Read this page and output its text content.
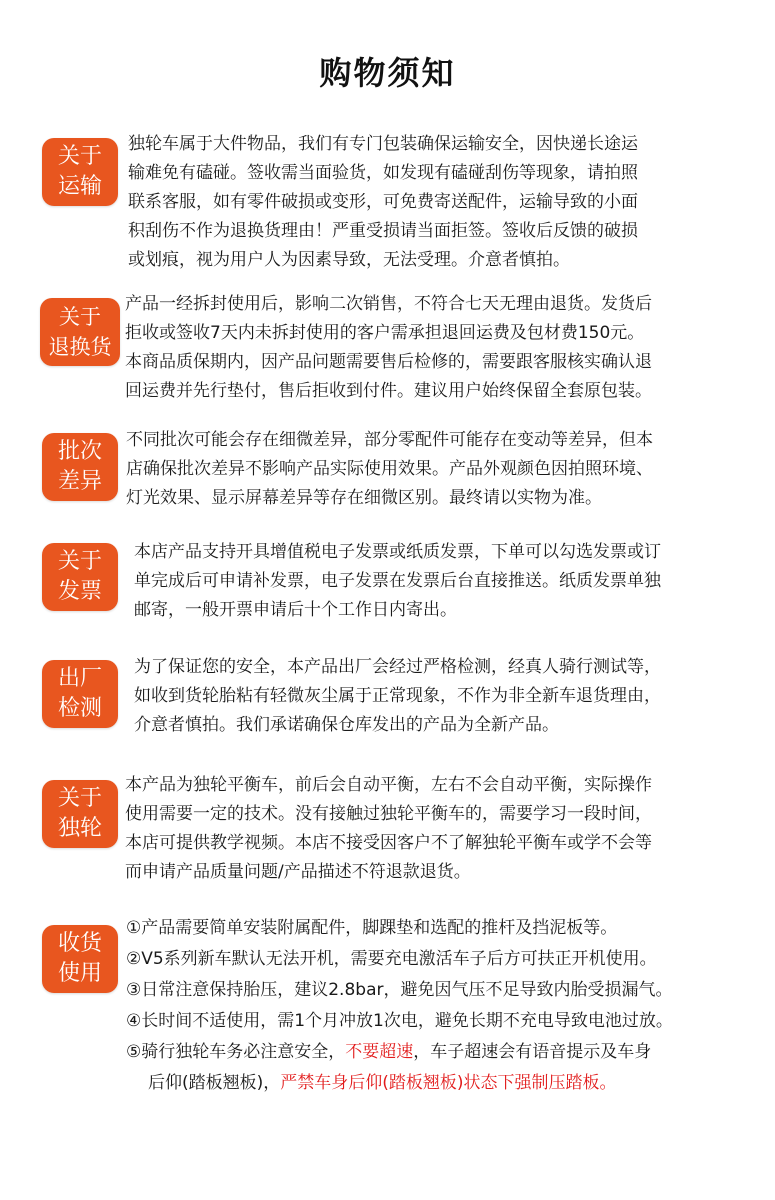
购物须知
关于
运输

独轮车属于大件物品，我们有专门包装确保运输安全，因快递长途运

输难免有磕碰。签收需当面验货，如发现有磕碰刮伤等现象，请拍照

联系客服，如有零件破损或变形，可免费寄送配件，运输导致的小面

积刮伤不作为退换货理由！严重受损请当面拒签。签收后反馈的破损

或划痕，视为用户人为因素导致，无法受理。介意者慎拍。

关于
退换货

产品一经拆封使用后，影响二次销售，不符合七天无理由退货。发货后

拒收或签收7天内未拆封使用的客户需承担退回运费及包材费150元。

本商品质保期内，因产品问题需要售后检修的，需要跟客服核实确认退

回运费并先行垫付，售后拒收到付件。建议用户始终保留全套原包装。

批次
差异

不同批次可能会存在细微差异，部分零配件可能存在变动等差异，但本

店确保批次差异不影响产品实际使用效果。产品外观颜色因拍照环境、

灯光效果、显示屏幕差异等存在细微区别。最终请以实物为准。

关于
发票

本店产品支持开具增值税电子发票或纸质发票，下单可以勾选发票或订

单完成后可申请补发票，电子发票在发票后台直接推送。纸质发票单独

邮寄，一般开票申请后十个工作日内寄出。

出厂
检测

为了保证您的安全，本产品出厂会经过严格检测，经真人骑行测试等，

如收到货轮胎粘有轻微灰尘属于正常现象，不作为非全新车退货理由，

介意者慎拍。我们承诺确保仓库发出的产品为全新产品。

关于
独轮

本产品为独轮平衡车，前后会自动平衡，左右不会自动平衡，实际操作

使用需要一定的技术。没有接触过独轮平衡车的，需要学习一段时间，

本店可提供教学视频。本店不接受因客户不了解独轮平衡车或学不会等

而申请产品质量问题/产品描述不符退款退货。

收货
使用

①产品需要简单安装附属配件，脚踝垫和选配的推杆及挡泥板等。

②V5系列新车默认无法开机，需要充电激活车子后方可扶正开机使用。

③日常注意保持胎压，建议2.8bar，避免因气压不足导致内胎受损漏气。

④长时间不适使用，需1个月冲放1次电，避免长期不充电导致电池过放。

⑤骑行独轮车务必注意安全，不要超速，车子超速会有语音提示及车身

后仰(踏板翘板)，严禁车身后仰(踏板翘板)状态下强制压踏板。
